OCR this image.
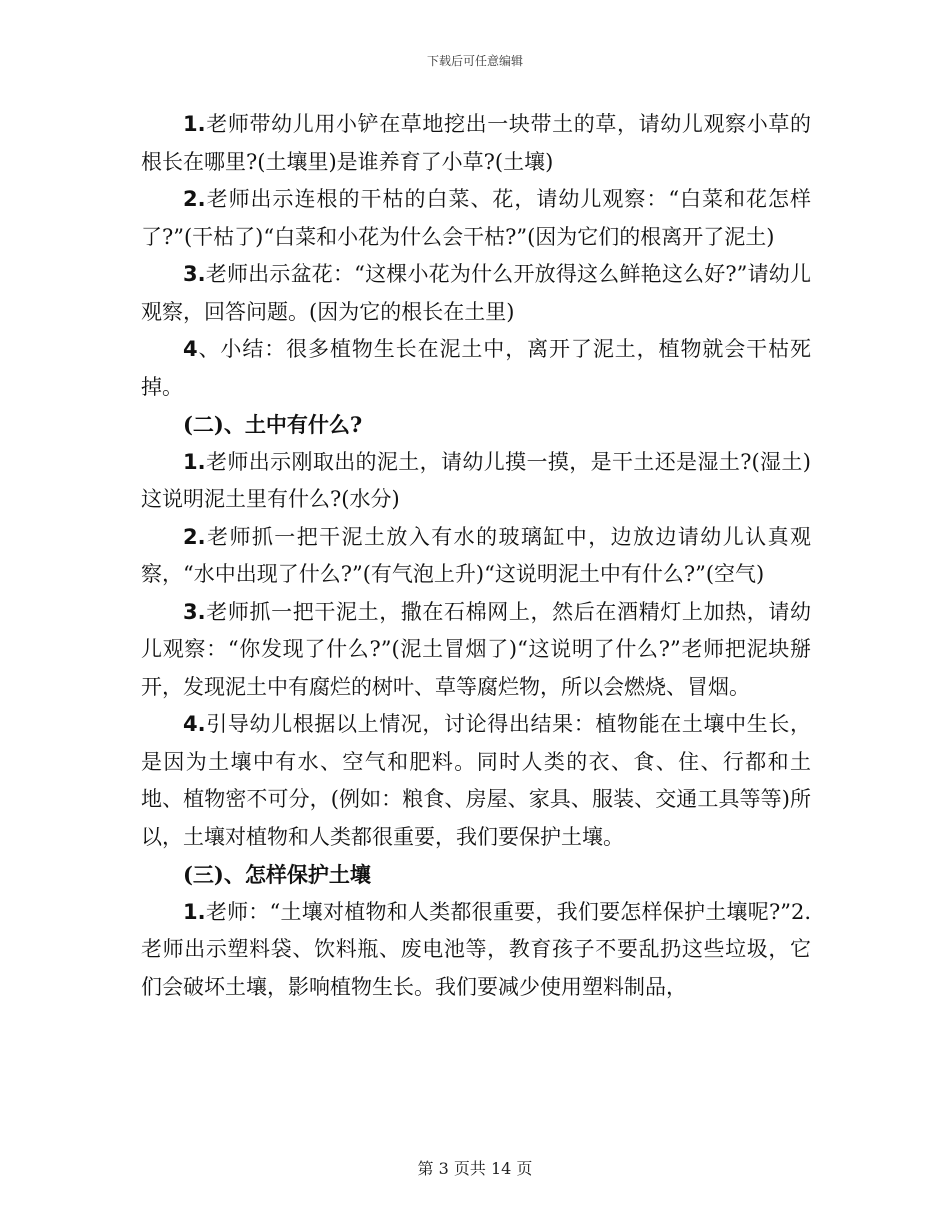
下载后可任意编辑

1.老师带幼儿用小铲在草地挖出一块带土的草，请幼儿观察小草的根长在哪里?(土壤里)是谁养育了小草?(土壤)

2.老师出示连根的干枯的白菜、花，请幼儿观察：“白菜和花怎样了?”(干枯了)“白菜和小花为什么会干枯?”(因为它们的根离开了泥土)

3.老师出示盆花：“这棵小花为什么开放得这么鲜艳这么好?”请幼儿观察，回答问题。(因为它的根长在土里)

4、小结：很多植物生长在泥土中，离开了泥土，植物就会干枯死掉。

(二)、土中有什么?

1.老师出示刚取出的泥土，请幼儿摸一摸，是干土还是湿土?(湿土)这说明泥土里有什么?(水分)

2.老师抓一把干泥土放入有水的玻璃缸中，边放边请幼儿认真观察，“水中出现了什么?”(有气泡上升)“这说明泥土中有什么?”(空气)

3.老师抓一把干泥土，撒在石棉网上，然后在酒精灯上加热，请幼儿观察：“你发现了什么?”(泥土冒烟了)“这说明了什么?”老师把泥块掰开，发现泥土中有腐烂的树叶、草等腐烂物，所以会燃烧、冒烟。

4.引导幼儿根据以上情况，讨论得出结果：植物能在土壤中生长，是因为土壤中有水、空气和肥料。同时人类的衣、食、住、行都和土地、植物密不可分，(例如：粮食、房屋、家具、服装、交通工具等等)所以，土壤对植物和人类都很重要，我们要保护土壤。

(三)、怎样保护土壤

1.老师：“土壤对植物和人类都很重要，我们要怎样保护土壤呢?”2.老师出示塑料袋、饮料瓶、废电池等，教育孩子不要乱扔这些垃圾，它们会破坏土壤，影响植物生长。我们要减少使用塑料制品，

第 3 页共 14 页
